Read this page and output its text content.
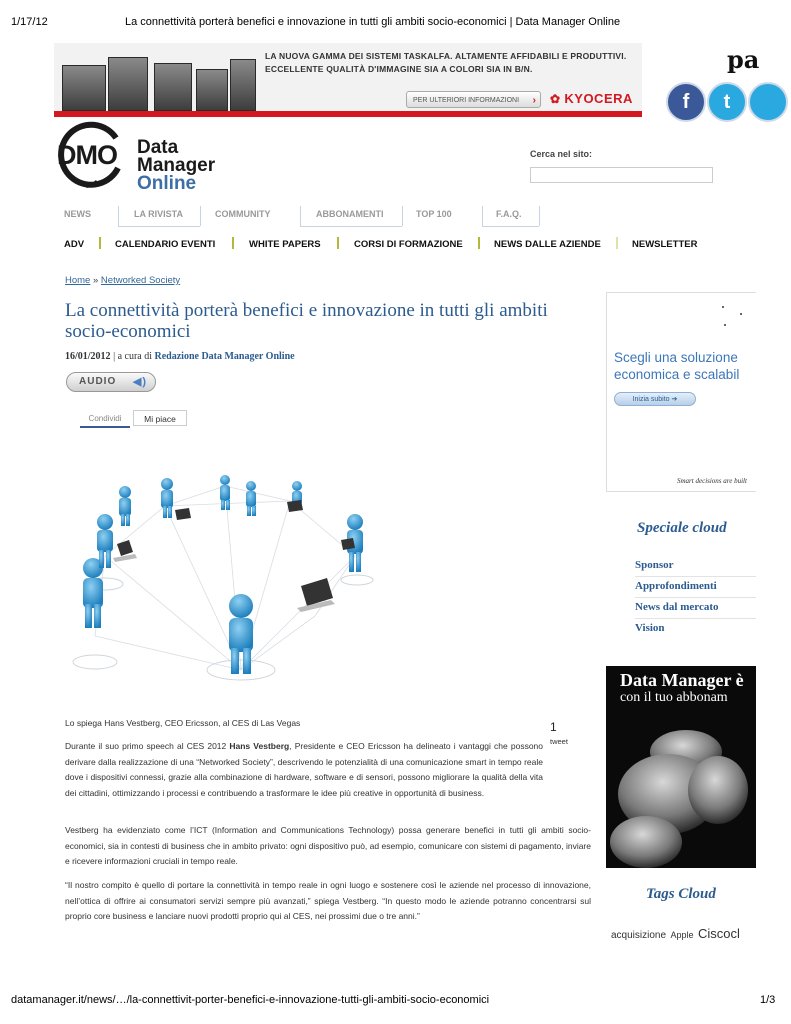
1/17/12	La connettività porterà benefici e innovazione in tutti gli ambiti socio-economici | Data Manager Online
LA NUOVA GAMMA DEI SISTEMI TASKALFA. ALTAMENTE AFFIDABILI E PRODUTTIVI.
ECCELLENTE QUALITÀ D'IMMAGINE SIA A COLORI SIA IN B/N.
PER ULTERIORI INFORMAZIONI › ✿ KYOCERA
pa
f	t
DMO Data
Manager
Online
Cerca nel sito:
NEWS	LA RIVISTA	COMMUNITY	ABBONAMENTI	TOP 100	F.A.Q.
ADV	CALENDARIO EVENTI	WHITE PAPERS	CORSI DI FORMAZIONE	NEWS DALLE AZIENDE	NEWSLETTER
Home » Networked Society
La connettività porterà benefici e innovazione in tutti gli ambiti socio-economici
16/01/2012 | a cura di Redazione Data Manager Online
AUDIO ◀)
Condividi	Mi piace
Lo spiega Hans Vestberg, CEO Ericsson, al CES di Las Vegas	1
tweet
Durante il suo primo speech al CES 2012 Hans Vestberg, Presidente e CEO Ericsson ha delineato i vantaggi che possono derivare dalla realizzazione di una “Networked Society”, descrivendo le potenzialità di una comunicazione smart in tempo reale dove i dispositivi connessi, grazie alla combinazione di hardware, software e di sensori, possono migliorare la qualità della vita dei cittadini, ottimizzando i processi e contribuendo a trasformare le idee più creative in opportunità di business.
Vestberg ha evidenziato come l’ICT (Information and Communications Technology) possa generare benefici in tutti gli ambiti socio-economici, sia in contesti di business che in ambito privato: ogni dispositivo può, ad esempio, comunicare con sistemi di pagamento, inviare e ricevere informazioni cruciali in tempo reale.
“Il nostro compito è quello di portare la connettività in tempo reale in ogni luogo e sostenere così le aziende nel processo di innovazione, nell’ottica di offrire ai consumatori servizi sempre più avanzati,” spiega Vestberg. “In questo modo le aziende potranno concentrarsi sul proprio core business e lanciare nuovi prodotti proprio qui al CES, nei prossimi due o tre anni.”
Scegli una soluzione
economica e scalabil
Inizia subito ➔
Smart decisions are built
Speciale cloud
Sponsor
Approfondimenti
News dal mercato
Vision
Data Manager è
con il tuo abbonam
Tags Cloud
acquisizione Apple Ciscocl
datamanager.it/news/…/la-connettivit-porter-benefici-e-innovazione-tutti-gli-ambiti-socio-economici	1/3
